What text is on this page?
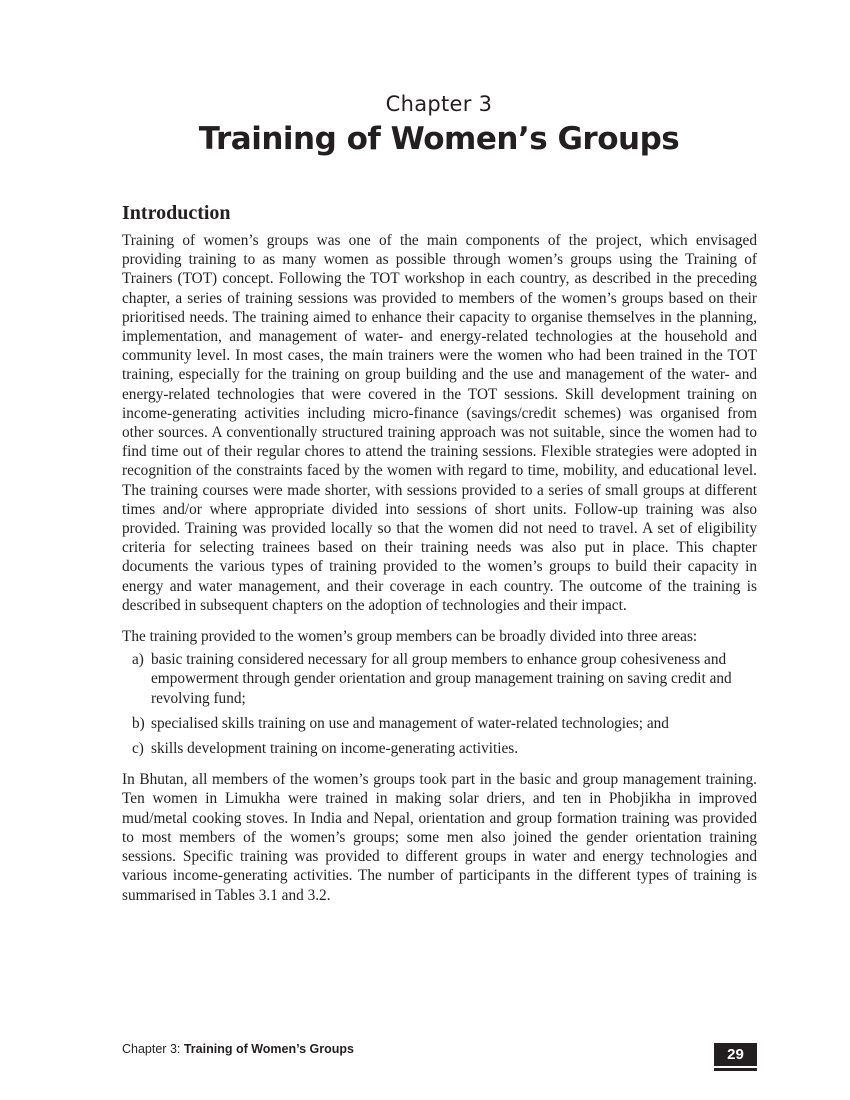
Chapter 3
Training of Women’s Groups
Introduction

Training of women’s groups was one of the main components of the project, which envisaged providing training to as many women as possible through women’s groups using the Training of Trainers (TOT) concept. Following the TOT workshop in each country, as described in the preceding chapter, a series of training sessions was provided to members of the women’s groups based on their prioritised needs. The training aimed to enhance their capacity to organise themselves in the planning, implementation, and management of water- and energy-related technologies at the household and community level. In most cases, the main trainers were the women who had been trained in the TOT training, especially for the training on group building and the use and management of the water- and energy-related technologies that were covered in the TOT sessions. Skill development training on income-generating activities including micro-finance (savings/credit schemes) was organised from other sources. A conventionally structured training approach was not suitable, since the women had to find time out of their regular chores to attend the training sessions. Flexible strategies were adopted in recognition of the constraints faced by the women with regard to time, mobility, and educational level. The training courses were made shorter, with sessions provided to a series of small groups at different times and/or where appropriate divided into sessions of short units. Follow-up training was also provided. Training was provided locally so that the women did not need to travel. A set of eligibility criteria for selecting trainees based on their training needs was also put in place. This chapter documents the various types of training provided to the women’s groups to build their capacity in energy and water management, and their coverage in each country. The outcome of the training is described in subsequent chapters on the adoption of technologies and their impact.

The training provided to the women’s group members can be broadly divided into three areas:

a) basic training considered necessary for all group members to enhance group cohesiveness and empowerment through gender orientation and group management training on saving credit and revolving fund;
b) specialised skills training on use and management of water-related technologies; and
c) skills development training on income-generating activities.

In Bhutan, all members of the women’s groups took part in the basic and group management training. Ten women in Limukha were trained in making solar driers, and ten in Phobjikha in improved mud/metal cooking stoves. In India and Nepal, orientation and group formation training was provided to most members of the women’s groups; some men also joined the gender orientation training sessions. Specific training was provided to different groups in water and energy technologies and various income-generating activities. The number of participants in the different types of training is summarised in Tables 3.1 and 3.2.

Chapter 3: Training of Women’s Groups	29
